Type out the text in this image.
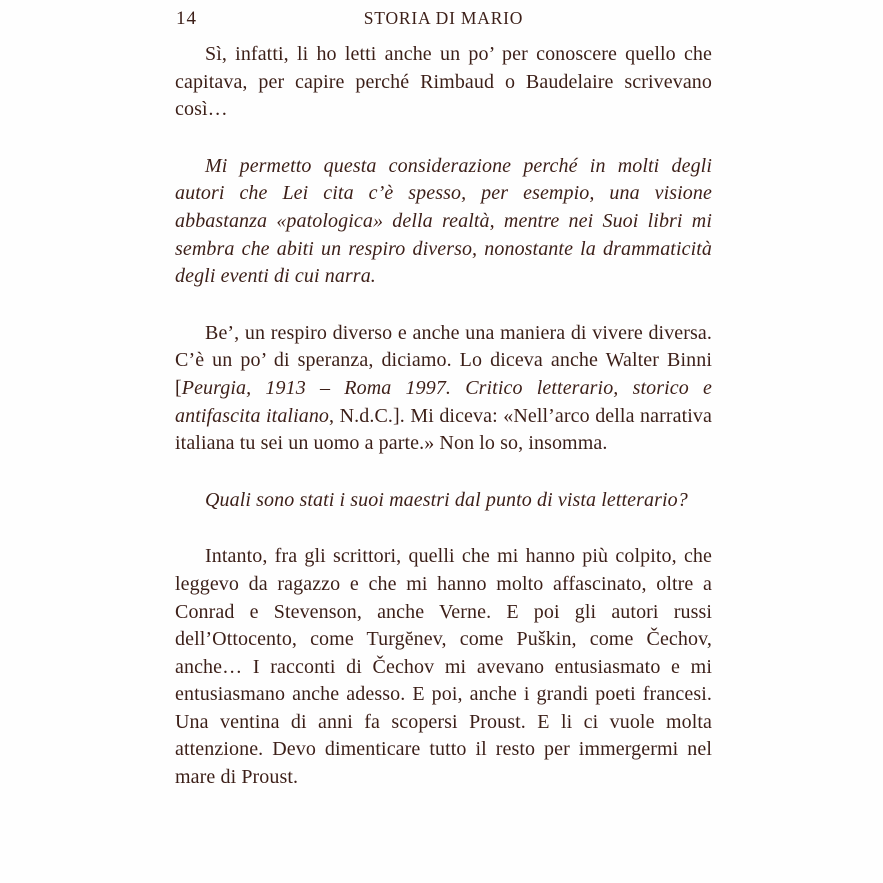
14	STORIA DI MARIO

Sì, infatti, li ho letti anche un po’ per conoscere quello che capitava, per capire perché Rimbaud o Baudelaire scrivevano così…

Mi permetto questa considerazione perché in molti degli autori che Lei cita c’è spesso, per esempio, una visione abbastanza «patologica» della realtà, mentre nei Suoi libri mi sembra che abiti un respiro diverso, nonostante la drammaticità degli eventi di cui narra.

Be’, un respiro diverso e anche una maniera di vivere diversa. C’è un po’ di speranza, diciamo. Lo diceva anche Walter Binni [Peurgia, 1913 – Roma 1997. Critico letterario, storico e antifascita italiano, N.d.C.]. Mi diceva: «Nell’arco della narrativa italiana tu sei un uomo a parte.» Non lo so, insomma.

Quali sono stati i suoi maestri dal punto di vista letterario?

Intanto, fra gli scrittori, quelli che mi hanno più colpito, che leggevo da ragazzo e che mi hanno molto affascinato, oltre a Conrad e Stevenson, anche Verne. E poi gli autori russi dell’Ottocento, come Turgĕnev, come Puškin, come Čechov, anche… I racconti di Čechov mi avevano entusiasmato e mi entusiasmano anche adesso. E poi, anche i grandi poeti francesi. Una ventina di anni fa scopersi Proust. E li ci vuole molta attenzione. Devo dimenticare tutto il resto per immergermi nel mare di Proust.
